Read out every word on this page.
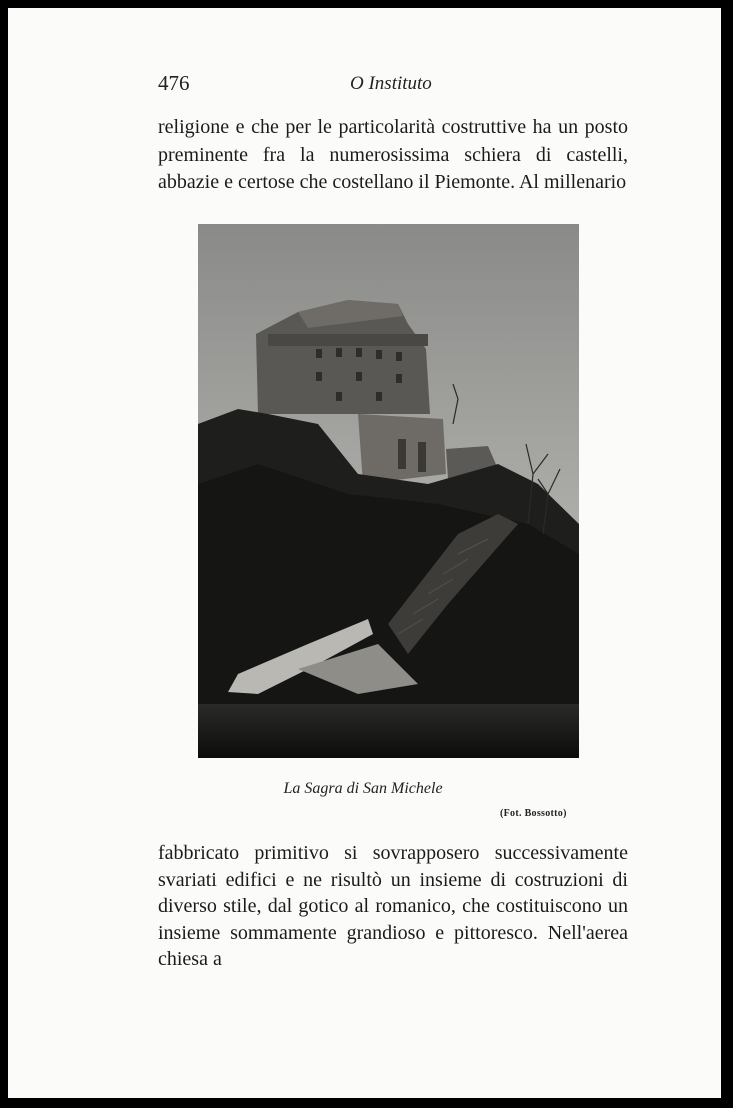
476	O Instituto

religione e che per le particolarità costruttive ha un posto preminente fra la numerosissima schiera di castelli, abbazie e certose che costellano il Piemonte. Al millenario

La Sagra di San Michele
(Fot. Bossotto)

fabbricato primitivo si sovrapposero successivamente svariati edifici e ne risultò un insieme di costruzioni di diverso stile, dal gotico al romanico, che costituiscono un insieme sommamente grandioso e pittoresco. Nell'aerea chiesa a
